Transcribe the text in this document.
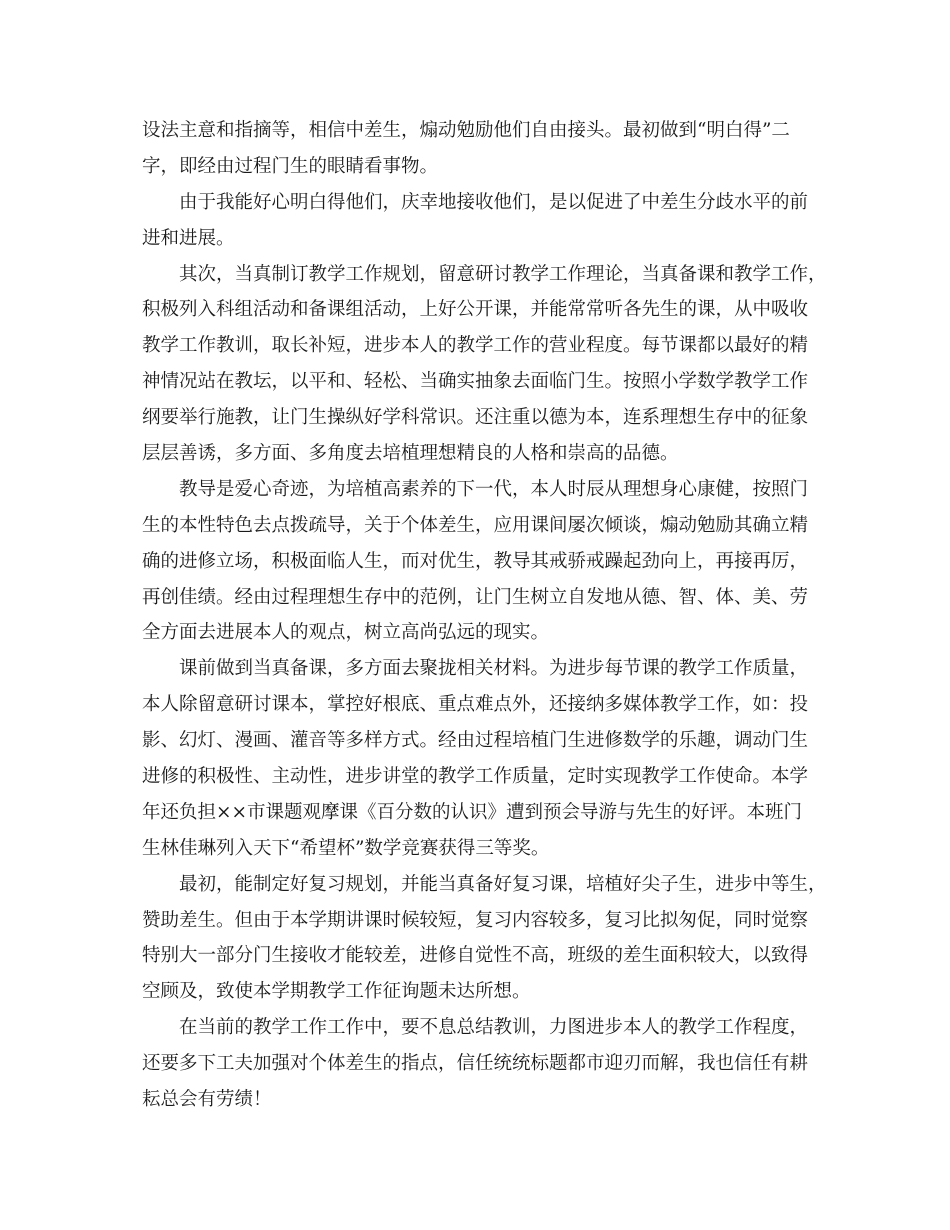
设法主意和指摘等，相信中差生，煽动勉励他们自由接头。最初做到“明白得”二
字，即经由过程门生的眼睛看事物。
由于我能好心明白得他们，庆幸地接收他们，是以促进了中差生分歧水平的前
进和进展。
其次，当真制订教学工作规划，留意研讨教学工作理论，当真备课和教学工作，
积极列入科组活动和备课组活动，上好公开课，并能常常听各先生的课，从中吸收
教学工作教训，取长补短，进步本人的教学工作的营业程度。每节课都以最好的精
神情况站在教坛，以平和、轻松、当确实抽象去面临门生。按照小学数学教学工作
纲要举行施教，让门生操纵好学科常识。还注重以德为本，连系理想生存中的征象
层层善诱，多方面、多角度去培植理想精良的人格和崇高的品德。
教导是爱心奇迹，为培植高素养的下一代，本人时辰从理想身心康健，按照门
生的本性特色去点拨疏导，关于个体差生，应用课间屡次倾谈，煽动勉励其确立精
确的进修立场，积极面临人生，而对优生，教导其戒骄戒躁起劲向上，再接再厉，
再创佳绩。经由过程理想生存中的范例，让门生树立自发地从德、智、体、美、劳
全方面去进展本人的观点，树立高尚弘远的现实。
课前做到当真备课，多方面去聚拢相关材料。为进步每节课的教学工作质量，
本人除留意研讨课本，掌控好根底、重点难点外，还接纳多媒体教学工作，如：投
影、幻灯、漫画、灌音等多样方式。经由过程培植门生进修数学的乐趣，调动门生
进修的积极性、主动性，进步讲堂的教学工作质量，定时实现教学工作使命。本学
年还负担××市课题观摩课《百分数的认识》遭到预会导游与先生的好评。本班门
生林佳琳列入天下“希望杯”数学竞赛获得三等奖。
最初，能制定好复习规划，并能当真备好复习课，培植好尖子生，进步中等生，
赞助差生。但由于本学期讲课时候较短，复习内容较多，复习比拟匆促，同时觉察
特别大一部分门生接收才能较差，进修自觉性不高，班级的差生面积较大，以致得
空顾及，致使本学期教学工作征询题未达所想。
在当前的教学工作工作中，要不息总结教训，力图进步本人的教学工作程度，
还要多下工夫加强对个体差生的指点，信任统统标题都市迎刃而解，我也信任有耕
耘总会有劳绩！
